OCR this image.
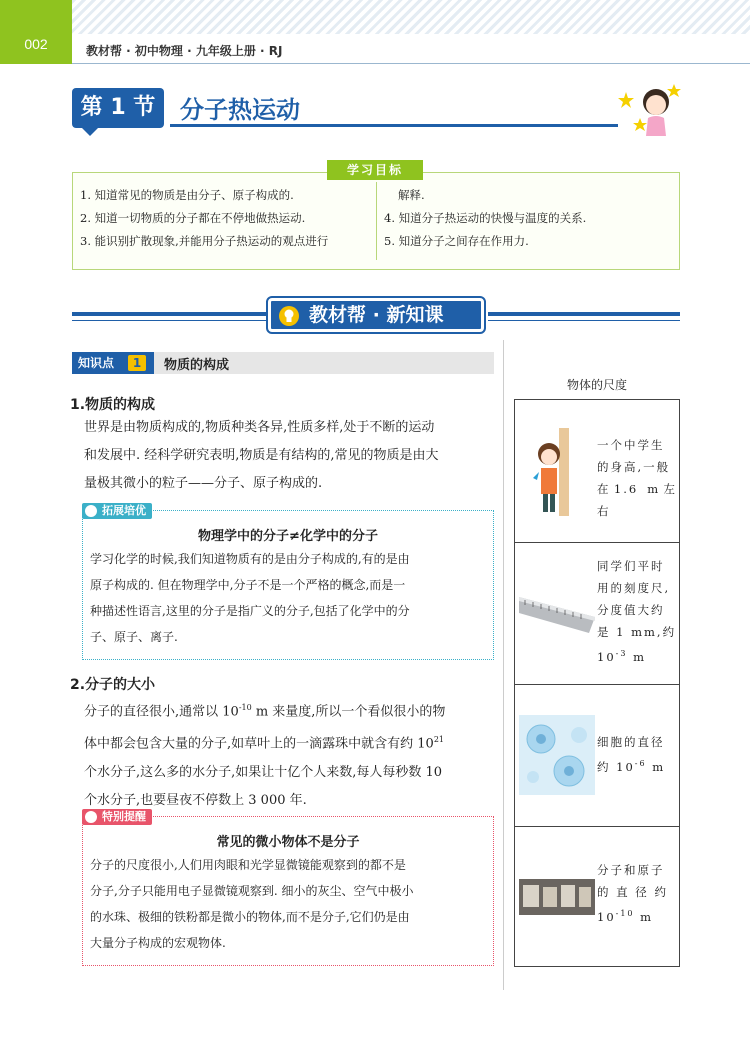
002	教材帮 · 初中物理 · 九年级上册 · RJ
第 1 节	分子热运动
学习目标
1. 知道常见的物质是由分子、原子构成的.
2. 知道一切物质的分子都在不停地做热运动.
3. 能识别扩散现象,并能用分子热运动的观点进行
解释.
4. 知道分子热运动的快慢与温度的关系.
5. 知道分子之间存在作用力.
教材帮 · 新知课
知识点	1	物质的构成
1.物质的构成
世界是由物质构成的,物质种类各异,性质多样,处于不断的运动
和发展中. 经科学研究表明,物质是有结构的,常见的物质是由大
量极其微小的粒子——分子、原子构成的.
拓展培优
物理学中的分子≠化学中的分子
学习化学的时候,我们知道物质有的是由分子构成的,有的是由
原子构成的. 但在物理学中,分子不是一个严格的概念,而是一
种描述性语言,这里的分子是指广义的分子,包括了化学中的分
子、原子、离子.
2.分子的大小
分子的直径很小,通常以 $10^{-10}$ m 来量度,所以一个看似很小的物
体中都会包含大量的分子,如草叶上的一滴露珠中就含有约 $10^{21}$
个水分子,这么多的水分子,如果让十亿个人来数,每人每秒数 10
个水分子,也要昼夜不停数上 3 000 年.
特别提醒
常见的微小物体不是分子
分子的尺度很小,人们用肉眼和光学显微镜能观察到的都不是
分子,分子只能用电子显微镜观察到. 细小的灰尘、空气中极小
的水珠、极细的铁粉都是微小的物体,而不是分子,它们仍是由
大量分子构成的宏观物体.
物体的尺度
一个中学生
的身高,一般
在1.6 m左右
同学们平时
用的刻度尺,
分度值大约
是 1 mm,约
$10^{-3}$ m
细胞的直径
约 $10^{-6}$ m
分子和原子
的 直 径 约
$10^{-10}$ m
